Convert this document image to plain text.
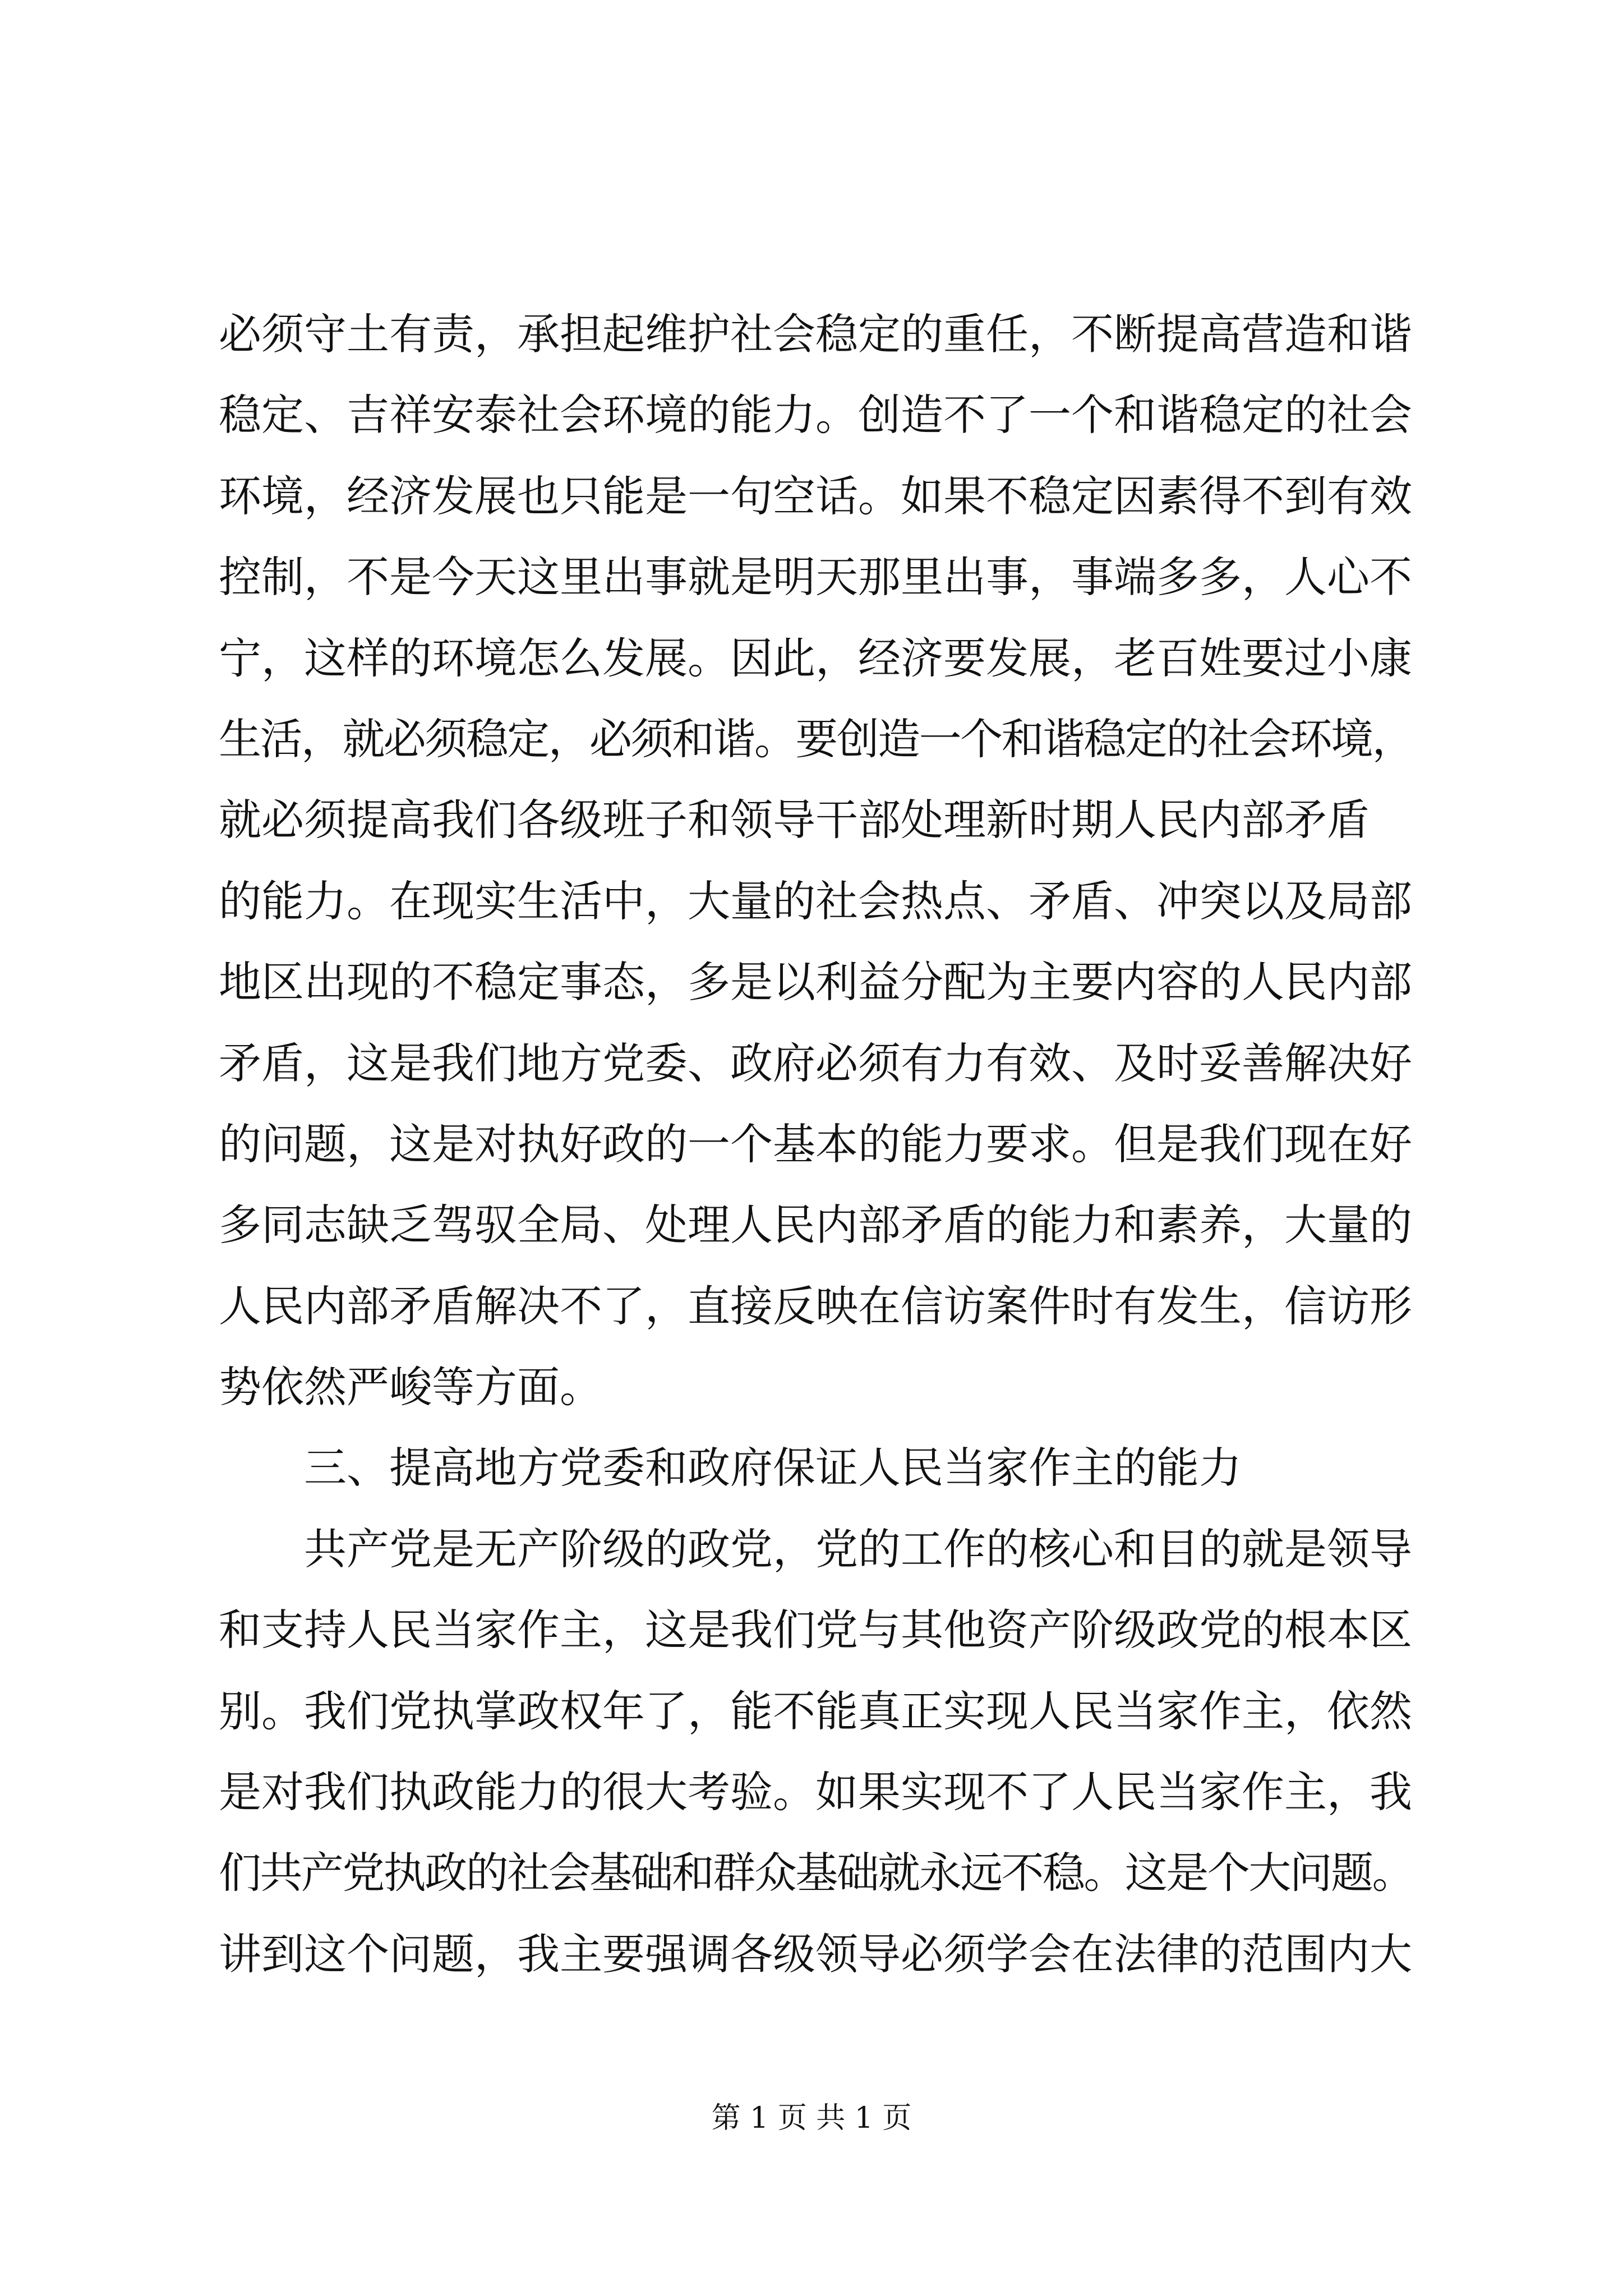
必须守土有责，承担起维护社会稳定的重任，不断提高营造和谐
稳定、吉祥安泰社会环境的能力。创造不了一个和谐稳定的社会
环境，经济发展也只能是一句空话。如果不稳定因素得不到有效
控制，不是今天这里出事就是明天那里出事，事端多多，人心不
宁，这样的环境怎么发展。因此，经济要发展，老百姓要过小康
生活，就必须稳定，必须和谐。要创造一个和谐稳定的社会环境，
就必须提高我们各级班子和领导干部处理新时期人民内部矛盾
的能力。在现实生活中，大量的社会热点、矛盾、冲突以及局部
地区出现的不稳定事态，多是以利益分配为主要内容的人民内部
矛盾，这是我们地方党委、政府必须有力有效、及时妥善解决好
的问题，这是对执好政的一个基本的能力要求。但是我们现在好
多同志缺乏驾驭全局、处理人民内部矛盾的能力和素养，大量的
人民内部矛盾解决不了，直接反映在信访案件时有发生，信访形
势依然严峻等方面。
三、提高地方党委和政府保证人民当家作主的能力
共产党是无产阶级的政党，党的工作的核心和目的就是领导
和支持人民当家作主，这是我们党与其他资产阶级政党的根本区
别。我们党执掌政权年了，能不能真正实现人民当家作主，依然
是对我们执政能力的很大考验。如果实现不了人民当家作主，我
们共产党执政的社会基础和群众基础就永远不稳。这是个大问题。
讲到这个问题，我主要强调各级领导必须学会在法律的范围内大
第 1 页 共 1 页
